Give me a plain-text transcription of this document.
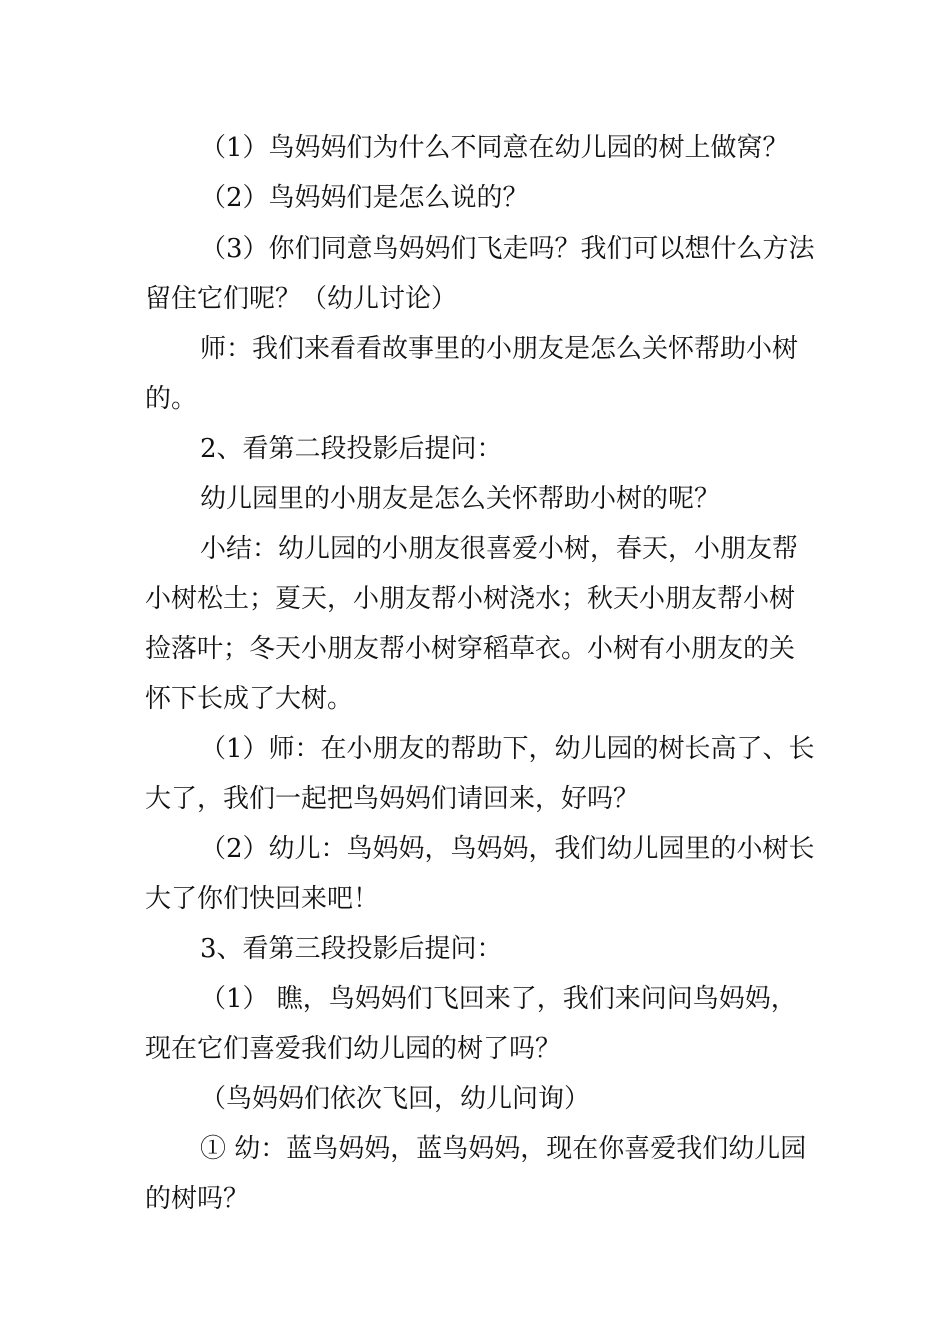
（1）鸟妈妈们为什么不同意在幼儿园的树上做窝？
（2）鸟妈妈们是怎么说的？
（3）你们同意鸟妈妈们飞走吗？我们可以想什么方法
留住它们呢？（幼儿讨论）
师：我们来看看故事里的小朋友是怎么关怀帮助小树
的。
2、看第二段投影后提问：
幼儿园里的小朋友是怎么关怀帮助小树的呢？
小结：幼儿园的小朋友很喜爱小树，春天，小朋友帮
小树松土；夏天，小朋友帮小树浇水；秋天小朋友帮小树
捡落叶；冬天小朋友帮小树穿稻草衣。小树有小朋友的关
怀下长成了大树。
（1）师：在小朋友的帮助下，幼儿园的树长高了、长
大了，我们一起把鸟妈妈们请回来，好吗？
（2）幼儿：鸟妈妈，鸟妈妈，我们幼儿园里的小树长
大了你们快回来吧！
3、看第三段投影后提问：
（1） 瞧，鸟妈妈们飞回来了，我们来问问鸟妈妈，
现在它们喜爱我们幼儿园的树了吗？
（鸟妈妈们依次飞回，幼儿问询）
① 幼：蓝鸟妈妈，蓝鸟妈妈，现在你喜爱我们幼儿园
的树吗？
